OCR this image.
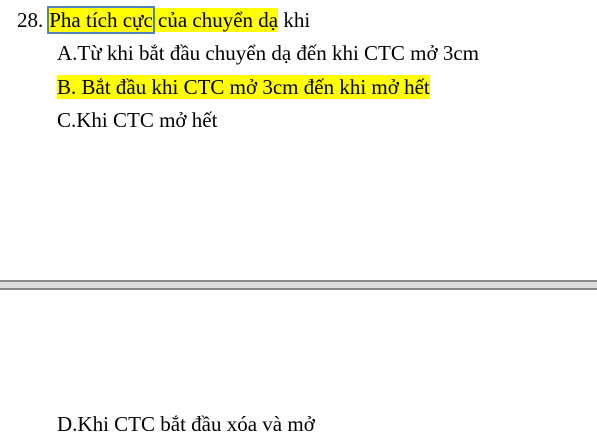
28. Pha tích cực của chuyển dạ khi
A.Từ khi bắt đầu chuyển dạ đến khi CTC mở 3cm
B. Bắt đầu khi CTC mở 3cm đến khi mở hết
C.Khi CTC mở hết
D.Khi CTC bắt đầu xóa và mở
